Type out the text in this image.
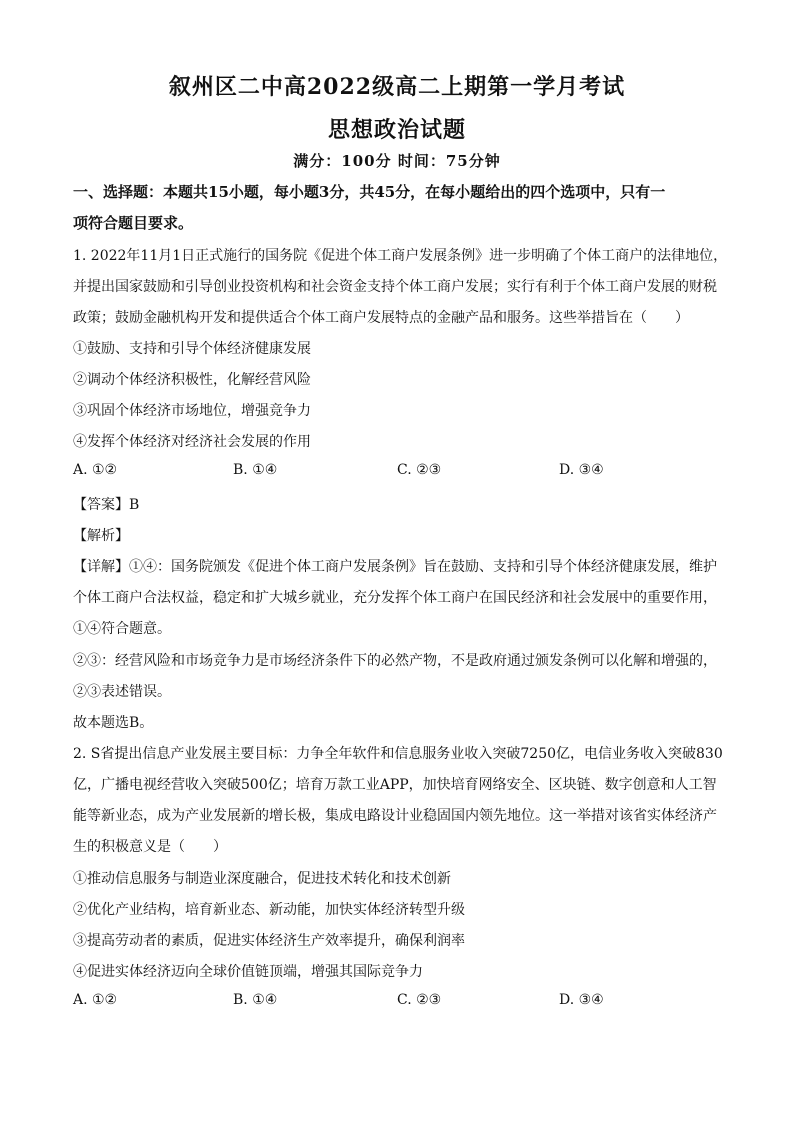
叙州区二中高2022级高二上期第一学月考试
思想政治试题
满分：100分 时间：75分钟
一、选择题：本题共15小题，每小题3分，共45分，在每小题给出的四个选项中，只有一
项符合题目要求。
1. 2022年11月1日正式施行的国务院《促进个体工商户发展条例》进一步明确了个体工商户的法律地位，
并提出国家鼓励和引导创业投资机构和社会资金支持个体工商户发展；实行有利于个体工商户发展的财税
政策；鼓励金融机构开发和提供适合个体工商户发展特点的金融产品和服务。这些举措旨在（　　）
①鼓励、支持和引导个体经济健康发展
②调动个体经济积极性，化解经营风险
③巩固个体经济市场地位，增强竞争力
④发挥个体经济对经济社会发展的作用
A. ①②	B. ①④	C. ②③	D. ③④
【答案】B
【解析】
【详解】①④：国务院颁发《促进个体工商户发展条例》旨在鼓励、支持和引导个体经济健康发展，维护
个体工商户合法权益，稳定和扩大城乡就业，充分发挥个体工商户在国民经济和社会发展中的重要作用，
①④符合题意。
②③：经营风险和市场竞争力是市场经济条件下的必然产物，不是政府通过颁发条例可以化解和增强的，
②③表述错误。
故本题选B。
2. S省提出信息产业发展主要目标：力争全年软件和信息服务业收入突破7250亿，电信业务收入突破830
亿，广播电视经营收入突破500亿；培育万款工业APP，加快培育网络安全、区块链、数字创意和人工智
能等新业态，成为产业发展新的增长极，集成电路设计业稳固国内领先地位。这一举措对该省实体经济产
生的积极意义是（　　）
①推动信息服务与制造业深度融合，促进技术转化和技术创新
②优化产业结构，培育新业态、新动能，加快实体经济转型升级
③提高劳动者的素质，促进实体经济生产效率提升，确保利润率
④促进实体经济迈向全球价值链顶端，增强其国际竞争力
A. ①②	B. ①④	C. ②③	D. ③④
